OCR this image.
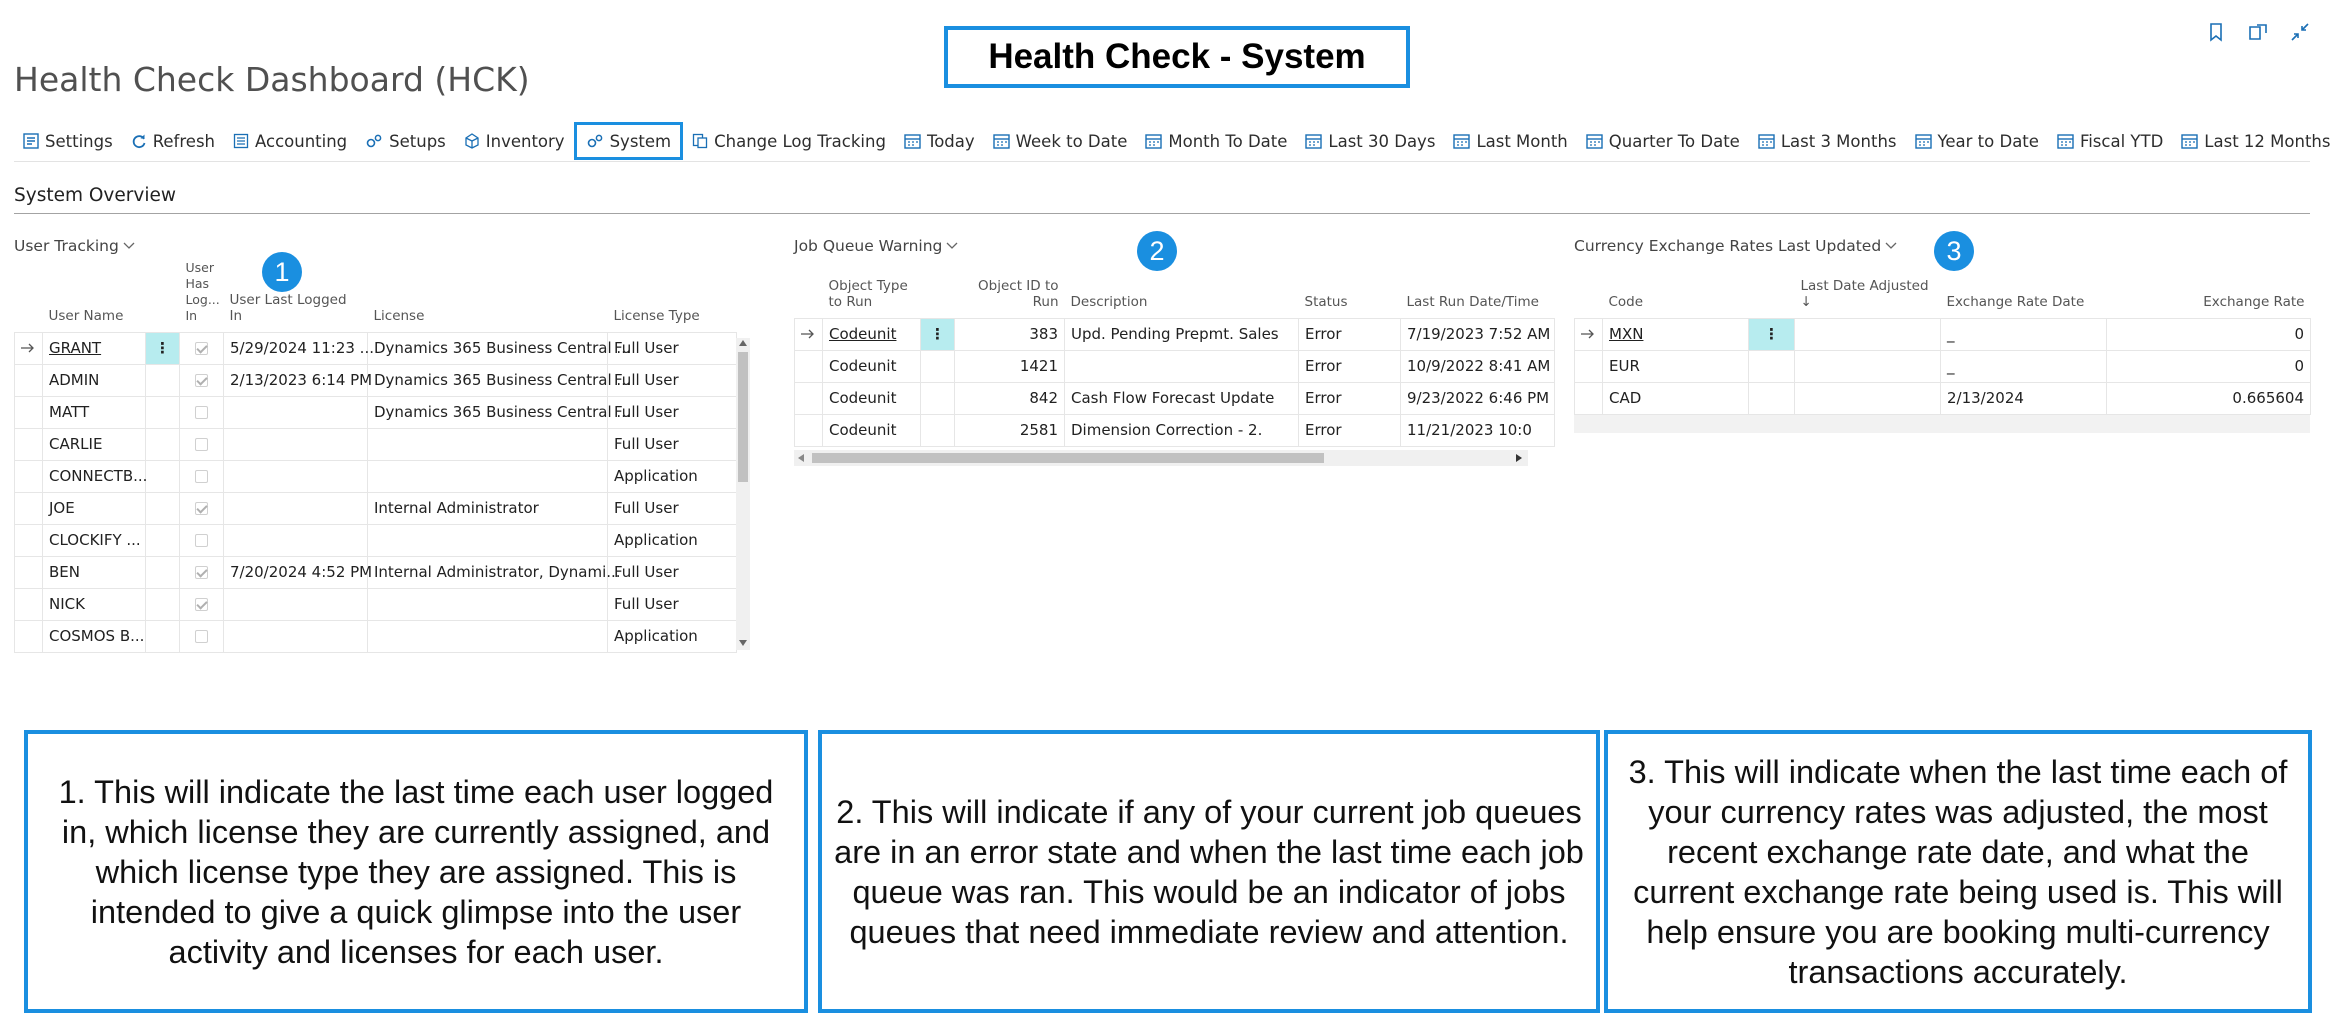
Health Check Dashboard (HCK)
Health Check - System
Settings Refresh Accounting	Setups Inventory	System	Change Log Tracking Today Week to Date Month To Date Last 30 Days Last Month Quarter To Date Last 3 Months Year to Date Fiscal YTD Last 12 Months
System Overview
User Tracking
1
	User Name		User Has Log... In	User Last Logged In	License	License Type
	GRANT	⋮		5/29/2024 11:23 ...	Dynamics 365 Business Central ...	Full User
	ADMIN			2/13/2023 6:14 PM	Dynamics 365 Business Central ...	Full User
	MATT				Dynamics 365 Business Central ...	Full User
	CARLIE					Full User
	CONNECTB...					Application
	JOE				Internal Administrator	Full User
	CLOCKIFY ...					Application
	BEN			7/20/2024 4:52 PM	Internal Administrator, Dynami...	Full User
	NICK					Full User
	COSMOS B...					Application
Job Queue Warning	2
	Object Type to Run		Object ID to Run	Description	Status	Last Run Date/Time
	Codeunit	⋮	383	Upd. Pending Prepmt. Sales	Error	7/19/2023 7:52 AM
	Codeunit		1421		Error	10/9/2022 8:41 AM
	Codeunit		842	Cash Flow Forecast Update	Error	9/23/2022 6:46 PM
	Codeunit		2581	Dimension Correction - 2.	Error	11/21/2023 10:0
Currency Exchange Rates Last Updated	3
	Code		Last Date Adjusted ↓	Exchange Rate Date	Exchange Rate
	MXN	⋮		_	0
	EUR			_	0
	CAD			2/13/2024	0.665604
1. This will indicate the last time each user logged in, which license they are currently assigned, and which license type they are assigned. This is intended to give a quick glimpse into the user activity and licenses for each user.
2. This will indicate if any of your current job queues are in an error state and when the last time each job queue was ran. This would be an indicator of jobs queues that need immediate review and attention.
3. This will indicate when the last time each of your currency rates was adjusted, the most recent exchange rate date, and what the current exchange rate being used is. This will help ensure you are booking multi-currency transactions accurately.
